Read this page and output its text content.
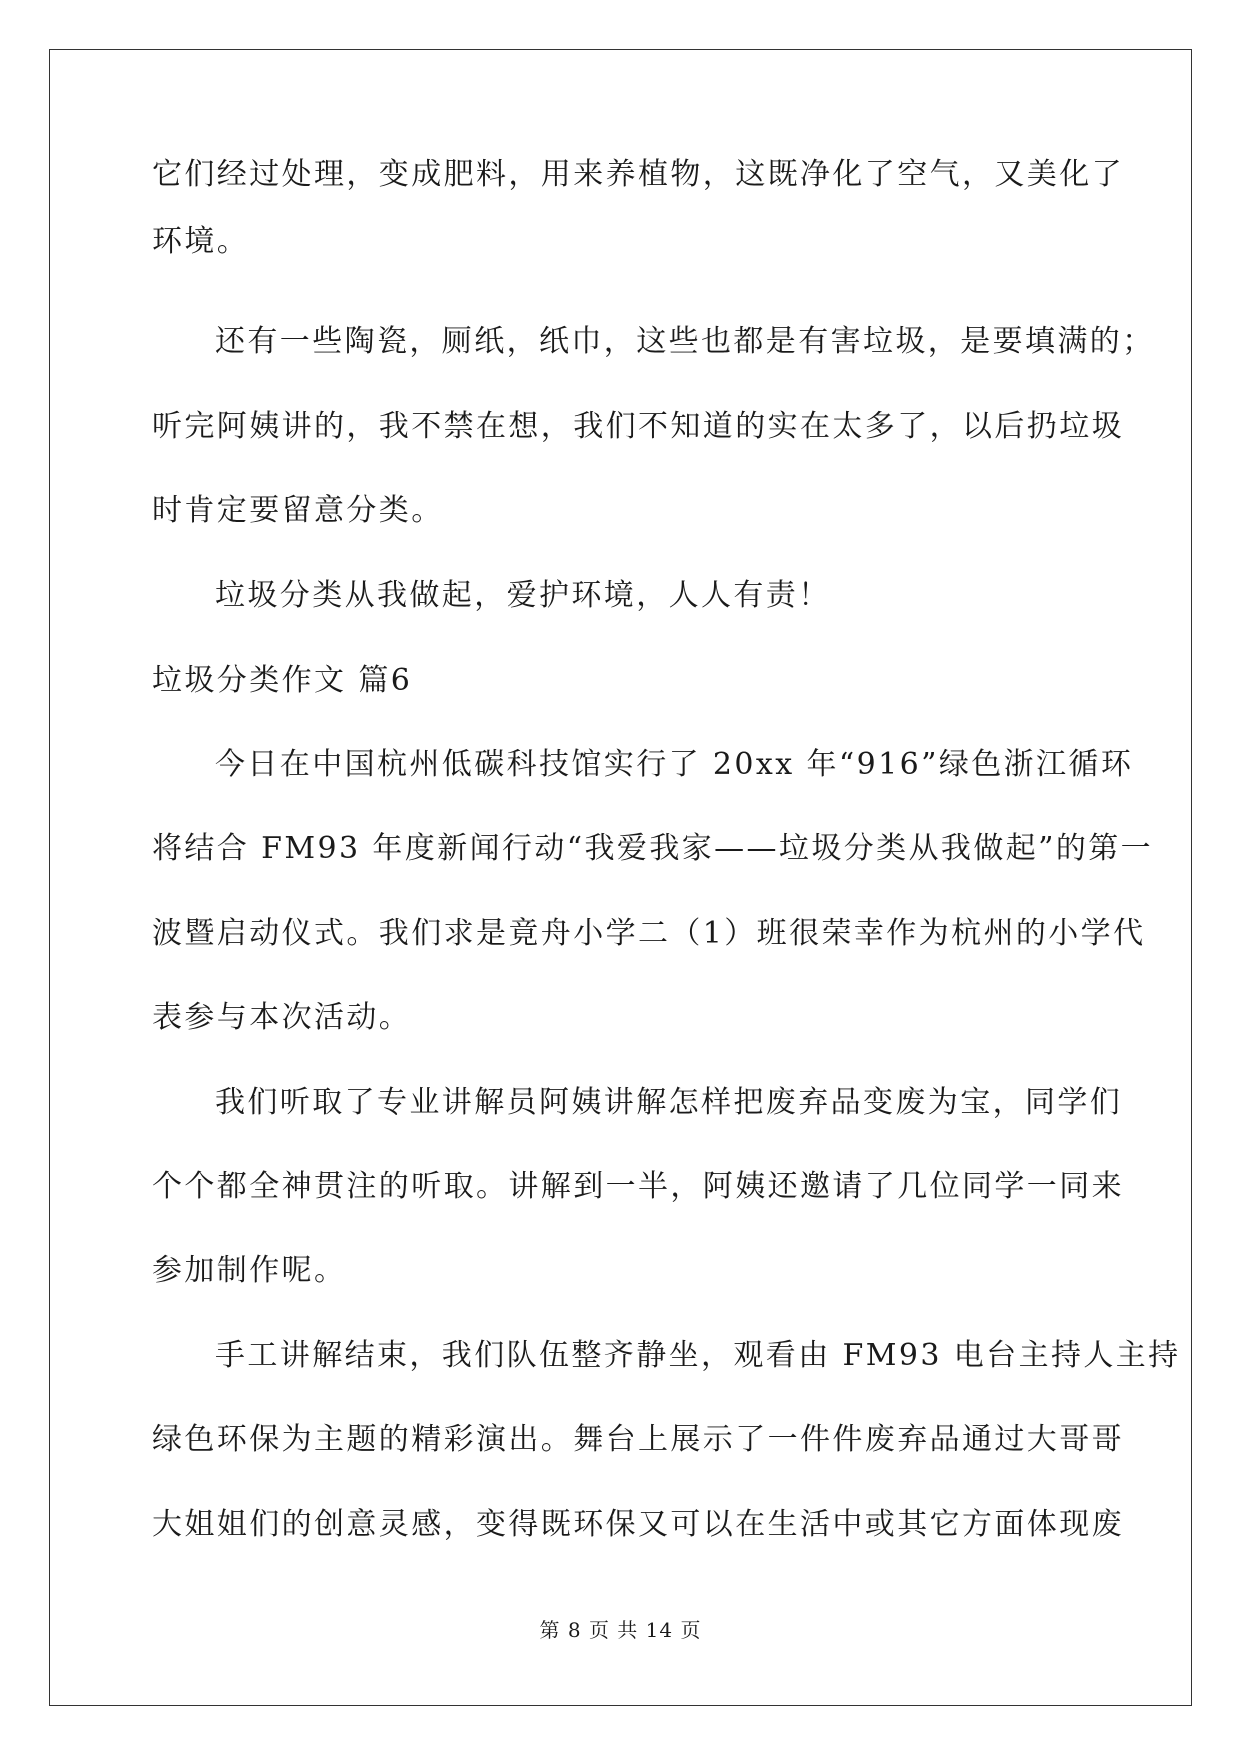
它们经过处理，变成肥料，用来养植物，这既净化了空气，又美化了
环境。
还有一些陶瓷，厕纸，纸巾，这些也都是有害垃圾，是要填满的；
听完阿姨讲的，我不禁在想，我们不知道的实在太多了，以后扔垃圾
时肯定要留意分类。
垃圾分类从我做起，爱护环境，人人有责！
垃圾分类作文 篇6
今日在中国杭州低碳科技馆实行了 20xx 年“916”绿色浙江循环
将结合 FM93 年度新闻行动“我爱我家——垃圾分类从我做起”的第一
波暨启动仪式。我们求是竟舟小学二（1）班很荣幸作为杭州的小学代
表参与本次活动。
我们听取了专业讲解员阿姨讲解怎样把废弃品变废为宝，同学们
个个都全神贯注的听取。讲解到一半，阿姨还邀请了几位同学一同来
参加制作呢。
手工讲解结束，我们队伍整齐静坐，观看由 FM93 电台主持人主持
绿色环保为主题的精彩演出。舞台上展示了一件件废弃品通过大哥哥
大姐姐们的创意灵感，变得既环保又可以在生活中或其它方面体现废
第 8 页 共 14 页
